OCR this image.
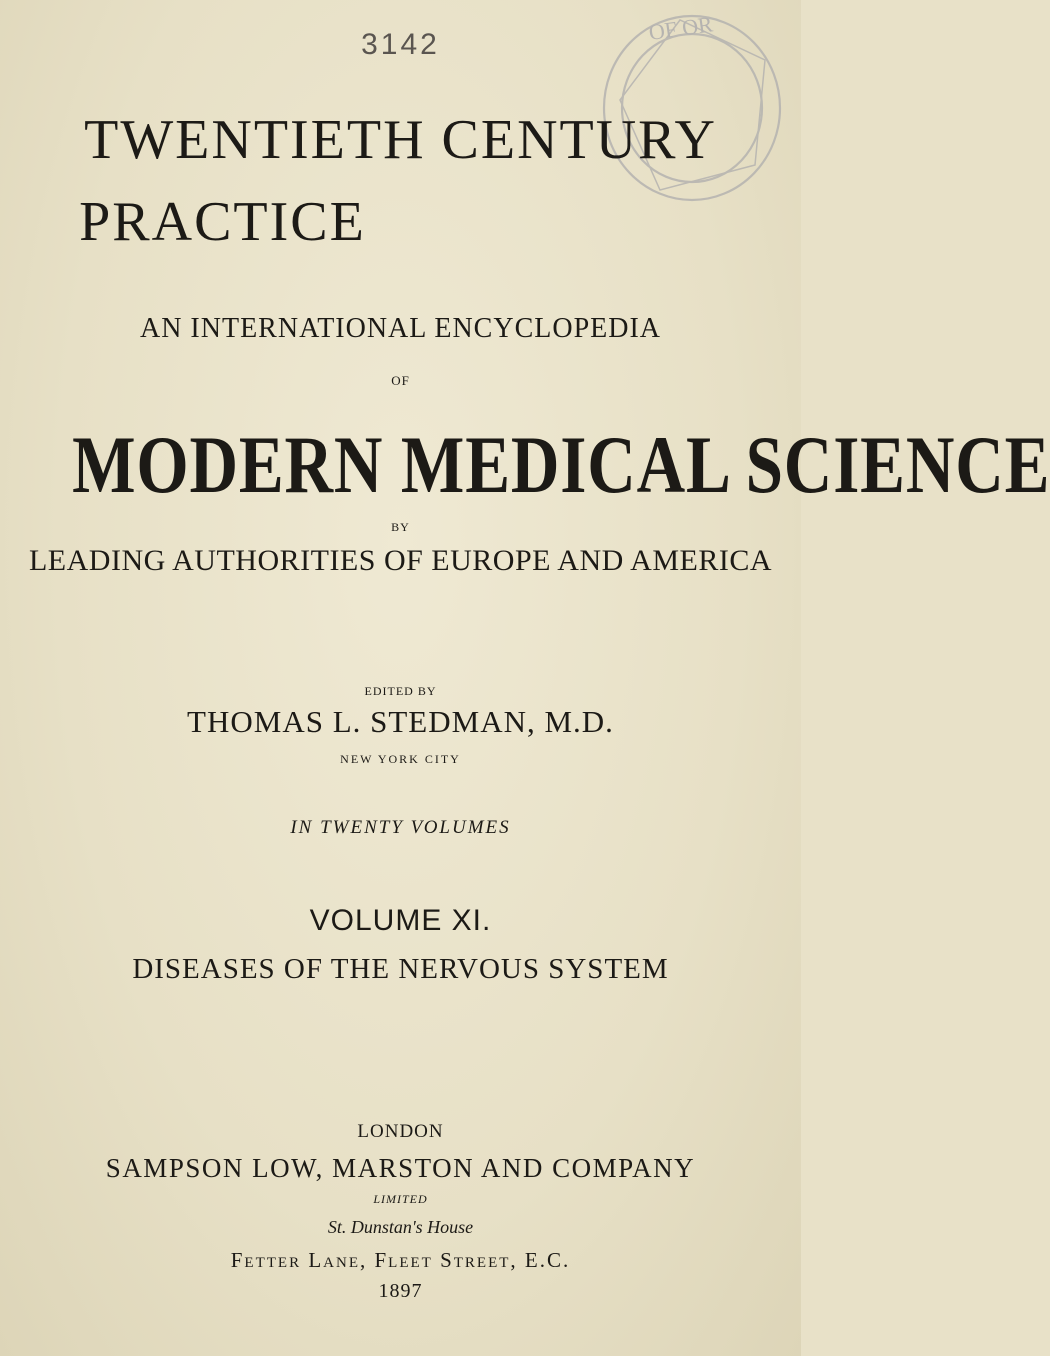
OF OR
3142
TWENTIETH CENTURY
PRACTICE
AN INTERNATIONAL ENCYCLOPEDIA
OF
MODERN MEDICAL SCIENCE
BY
LEADING AUTHORITIES OF EUROPE AND AMERICA
EDITED BY
THOMAS L. STEDMAN, M.D.
NEW YORK CITY
IN TWENTY VOLUMES
VOLUME XI.
DISEASES OF THE NERVOUS SYSTEM
LONDON
SAMPSON LOW, MARSTON AND COMPANY
LIMITED
St. Dunstan's House
Fetter Lane, Fleet Street, E.C.
1897
